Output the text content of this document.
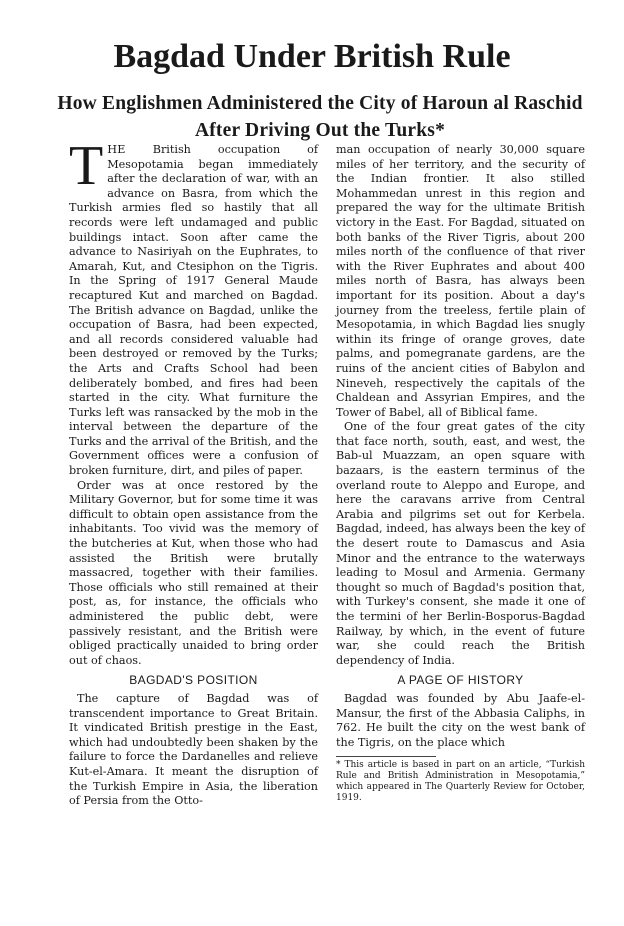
Bagdad Under British Rule
How Englishmen Administered the City of Haroun al Raschid
After Driving Out the Turks*

THE British occupation of Mesopotamia began immediately after the declaration of war, with an advance on Basra, from which the Turkish armies fled so hastily that all records were left undamaged and public buildings intact. Soon after came the advance to Nasiriyah on the Euphrates, to Amarah, Kut, and Ctesiphon on the Tigris. In the Spring of 1917 General Maude recaptured Kut and marched on Bagdad. The British advance on Bagdad, unlike the occupation of Basra, had been expected, and all records considered valuable had been destroyed or removed by the Turks; the Arts and Crafts School had been deliberately bombed, and fires had been started in the city. What furniture the Turks left was ransacked by the mob in the interval between the departure of the Turks and the arrival of the British, and the Government offices were a confusion of broken furniture, dirt, and piles of paper.

Order was at once restored by the Military Governor, but for some time it was difficult to obtain open assistance from the inhabitants. Too vivid was the memory of the butcheries at Kut, when those who had assisted the British were brutally massacred, together with their families. Those officials who still remained at their post, as, for instance, the officials who administered the public debt, were passively resistant, and the British were obliged practically unaided to bring order out of chaos.

BAGDAD'S POSITION

The capture of Bagdad was of transcendent importance to Great Britain. It vindicated British prestige in the East, which had undoubtedly been shaken by the failure to force the Dardanelles and relieve Kut-el-Amara. It meant the disruption of the Turkish Empire in Asia, the liberation of Persia from the Otto-

man occupation of nearly 30,000 square miles of her territory, and the security of the Indian frontier. It also stilled Mohammedan unrest in this region and prepared the way for the ultimate British victory in the East. For Bagdad, situated on both banks of the River Tigris, about 200 miles north of the confluence of that river with the River Euphrates and about 400 miles north of Basra, has always been important for its position. About a day's journey from the treeless, fertile plain of Mesopotamia, in which Bagdad lies snugly within its fringe of orange groves, date palms, and pomegranate gardens, are the ruins of the ancient cities of Babylon and Nineveh, respectively the capitals of the Chaldean and Assyrian Empires, and the Tower of Babel, all of Biblical fame.

One of the four great gates of the city that face north, south, east, and west, the Bab-ul Muazzam, an open square with bazaars, is the eastern terminus of the overland route to Aleppo and Europe, and here the caravans arrive from Central Arabia and pilgrims set out for Kerbela. Bagdad, indeed, has always been the key of the desert route to Damascus and Asia Minor and the entrance to the waterways leading to Mosul and Armenia. Germany thought so much of Bagdad's position that, with Turkey's consent, she made it one of the termini of her Berlin-Bosporus-Bagdad Railway, by which, in the event of future war, she could reach the British dependency of India.

A PAGE OF HISTORY

Bagdad was founded by Abu Jaafe-el-Mansur, the first of the Abbasia Caliphs, in 762. He built the city on the west bank of the Tigris, on the place which

* This article is based in part on an article, “Turkish Rule and British Administration in Mesopotamia,” which appeared in The Quarterly Review for October, 1919.
